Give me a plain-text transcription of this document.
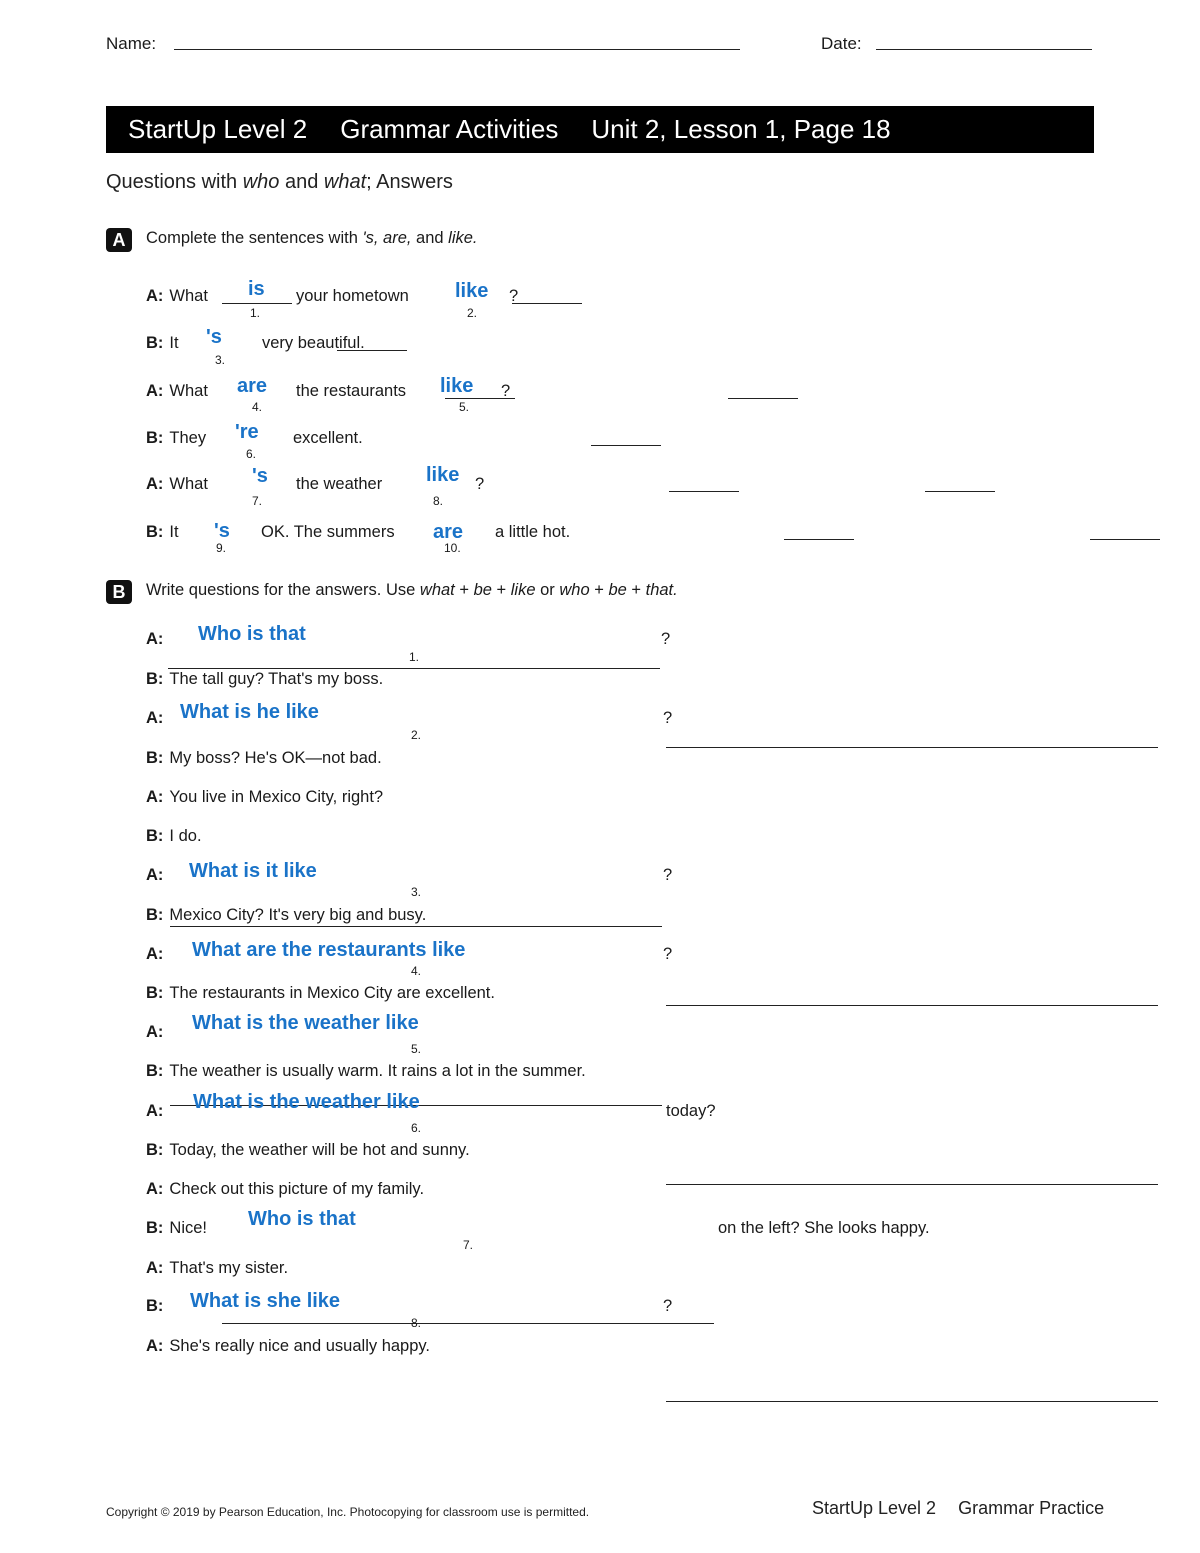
Name:	Date:
StartUp Level 2 Grammar Activities Unit 2, Lesson 1, Page 18
Questions with who and what; Answers
A	Complete the sentences with 's, are, and like.
A: What
is
1.
your hometown
like
2.
?
B: It
's
3.
very beautiful.
A: What
are
4.
the restaurants
like
5.
?
B: They
're
6.
excellent.
A: What
's
7.
the weather
like
8.
?
B: It
's
9.
OK. The summers
are
10.
a little hot.
B	Write questions for the answers. Use what + be + like or who + be + that.
A:
	Who is that
1.
?
B: The tall guy? That's my boss.
A:
What is he like
2.
?
B: My boss? He's OK—not bad.
A: You live in Mexico City, right?
B: I do.
A:
	What is it like
3.
?
B: Mexico City? It's very big and busy.
A:
	What are the restaurants like
4.
?
B: The restaurants in Mexico City are excellent.
A:
	What is the weather like
5.
B: The weather is usually warm. It rains a lot in the summer.
A:
	What is the weather like
6.
today?
B: Today, the weather will be hot and sunny.
A: Check out this picture of my family.
B: Nice!
Who is that
7.
on the left? She looks happy.
A: That's my sister.
B:	What is she like
8.
?
A: She's really nice and usually happy.
Copyright © 2019 by Pearson Education, Inc. Photocopying for classroom use is permitted.	StartUp Level 2 Grammar Practice
